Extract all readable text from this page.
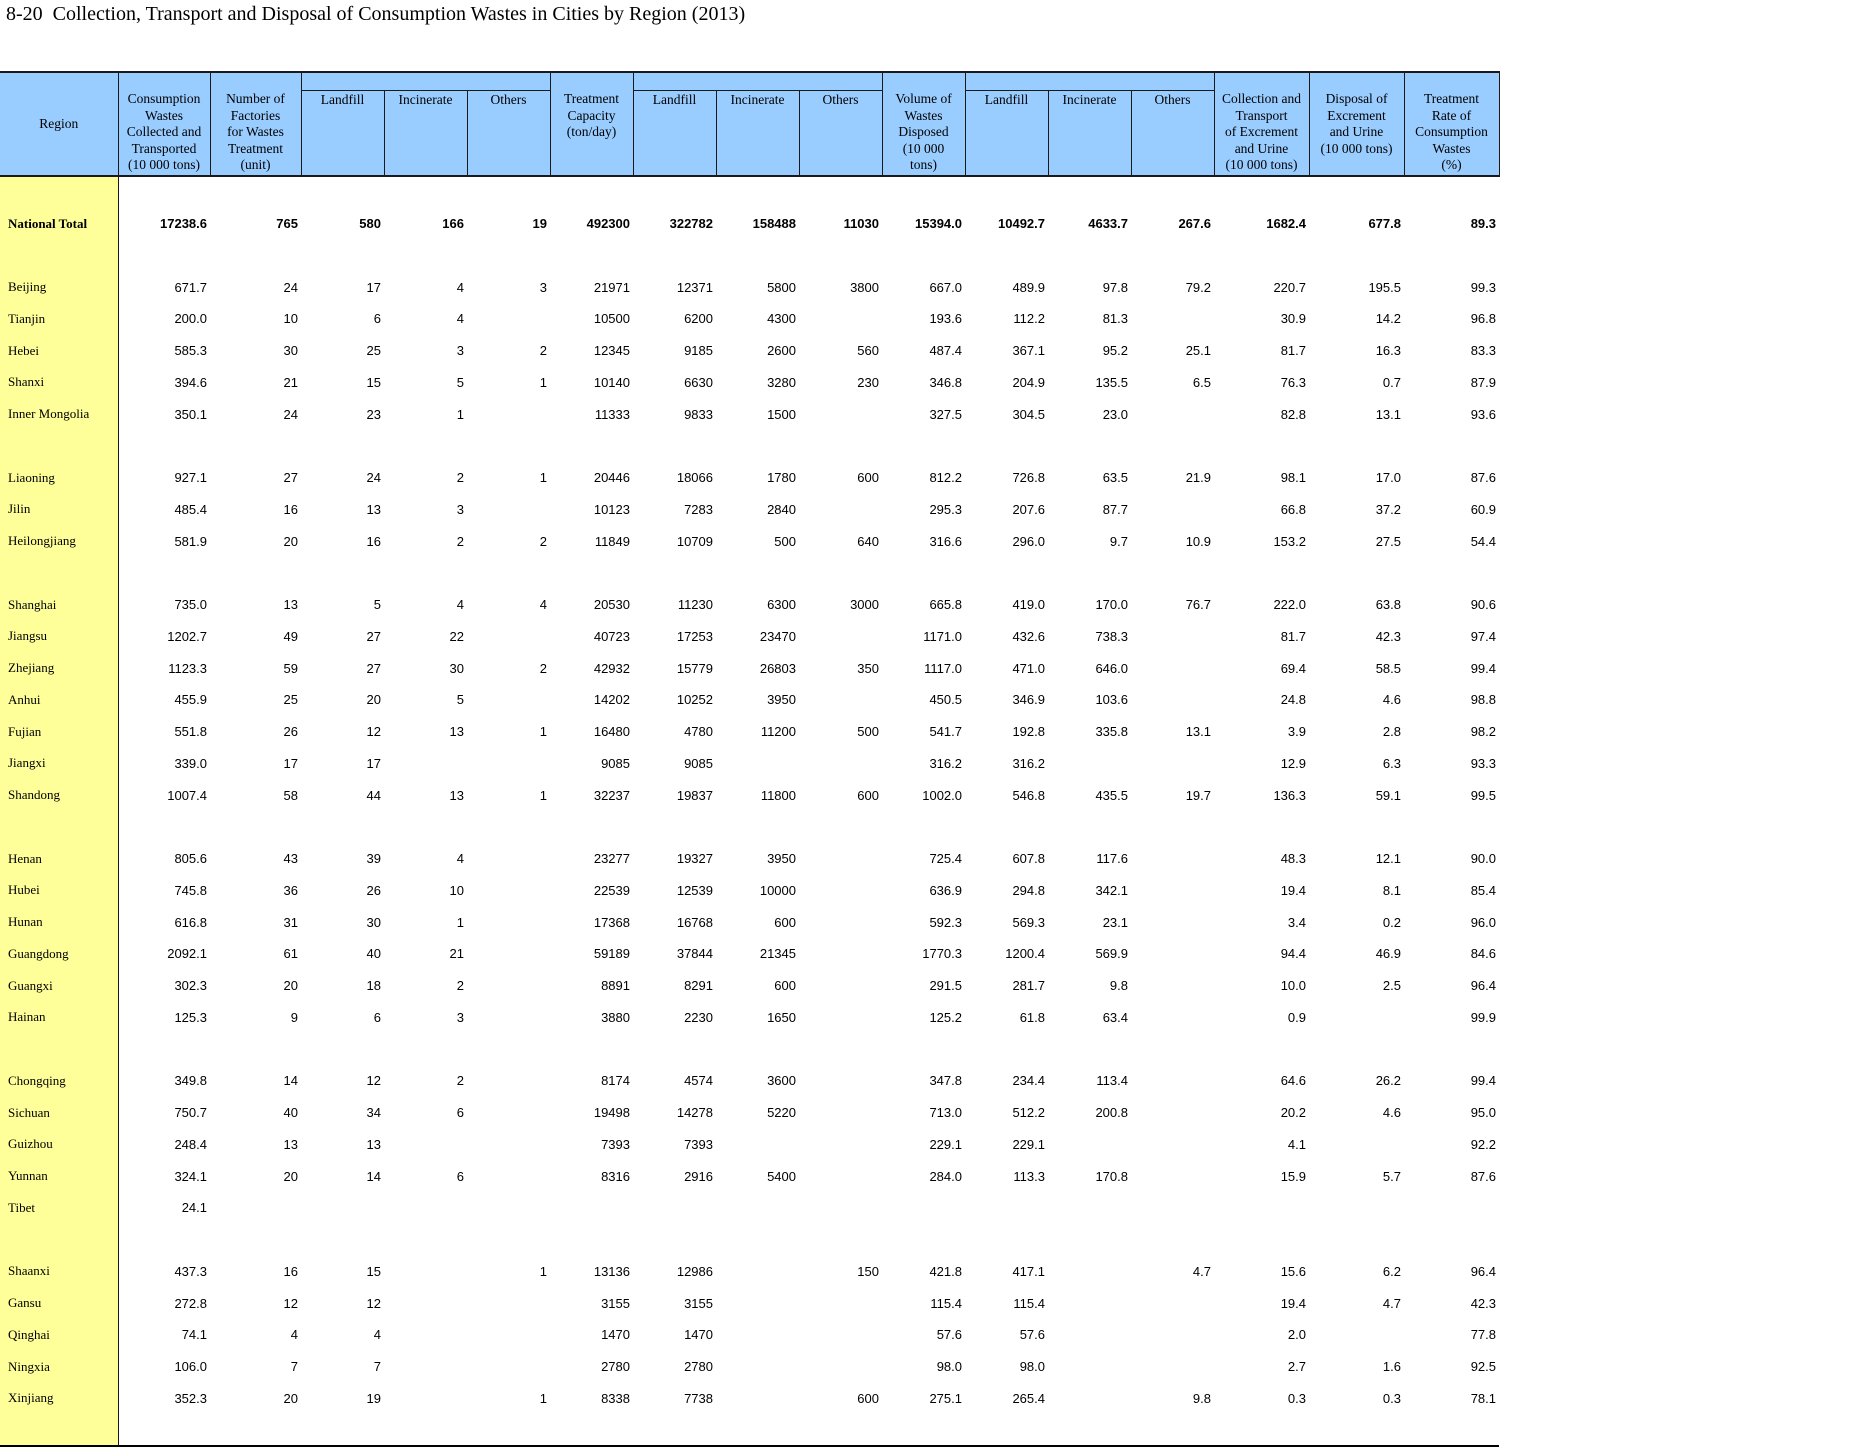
8-20  Collection, Transport and Disposal of Consumption Wastes in Cities by Region (2013)
Region	Consumption
Wastes
Collected and
Transported
(10 000 tons)	Number of
Factories
for Wastes
Treatment
(unit)				Treatment
Capacity
(ton/day)				Volume of
Wastes
Disposed
(10 000
tons)				Collection and
Transport
of Excrement
and Urine
(10 000 tons)	Disposal of
Excrement
and Urine
(10 000 tons)	Treatment
Rate of
Consumption
Wastes
(%)
			Landfill	Incinerate	Others		Landfill	Incinerate	Others		Landfill	Incinerate	Others			

National Total	17238.6	765	580	166	19	492300	322782	158488	11030	15394.0	10492.7	4633.7	267.6	1682.4	677.8	89.3

Beijing	671.7	24	17	4	3	21971	12371	5800	3800	667.0	489.9	97.8	79.2	220.7	195.5	99.3
Tianjin	200.0	10	6	4		10500	6200	4300		193.6	112.2	81.3		30.9	14.2	96.8
Hebei	585.3	30	25	3	2	12345	9185	2600	560	487.4	367.1	95.2	25.1	81.7	16.3	83.3
Shanxi	394.6	21	15	5	1	10140	6630	3280	230	346.8	204.9	135.5	6.5	76.3	0.7	87.9
Inner Mongolia	350.1	24	23	1		11333	9833	1500		327.5	304.5	23.0		82.8	13.1	93.6

Liaoning	927.1	27	24	2	1	20446	18066	1780	600	812.2	726.8	63.5	21.9	98.1	17.0	87.6
Jilin	485.4	16	13	3		10123	7283	2840		295.3	207.6	87.7		66.8	37.2	60.9
Heilongjiang	581.9	20	16	2	2	11849	10709	500	640	316.6	296.0	9.7	10.9	153.2	27.5	54.4

Shanghai	735.0	13	5	4	4	20530	11230	6300	3000	665.8	419.0	170.0	76.7	222.0	63.8	90.6
Jiangsu	1202.7	49	27	22		40723	17253	23470		1171.0	432.6	738.3		81.7	42.3	97.4
Zhejiang	1123.3	59	27	30	2	42932	15779	26803	350	1117.0	471.0	646.0		69.4	58.5	99.4
Anhui	455.9	25	20	5		14202	10252	3950		450.5	346.9	103.6		24.8	4.6	98.8
Fujian	551.8	26	12	13	1	16480	4780	11200	500	541.7	192.8	335.8	13.1	3.9	2.8	98.2
Jiangxi	339.0	17	17			9085	9085			316.2	316.2			12.9	6.3	93.3
Shandong	1007.4	58	44	13	1	32237	19837	11800	600	1002.0	546.8	435.5	19.7	136.3	59.1	99.5

Henan	805.6	43	39	4		23277	19327	3950		725.4	607.8	117.6		48.3	12.1	90.0
Hubei	745.8	36	26	10		22539	12539	10000		636.9	294.8	342.1		19.4	8.1	85.4
Hunan	616.8	31	30	1		17368	16768	600		592.3	569.3	23.1		3.4	0.2	96.0
Guangdong	2092.1	61	40	21		59189	37844	21345		1770.3	1200.4	569.9		94.4	46.9	84.6
Guangxi	302.3	20	18	2		8891	8291	600		291.5	281.7	9.8		10.0	2.5	96.4
Hainan	125.3	9	6	3		3880	2230	1650		125.2	61.8	63.4		0.9		99.9

Chongqing	349.8	14	12	2		8174	4574	3600		347.8	234.4	113.4		64.6	26.2	99.4
Sichuan	750.7	40	34	6		19498	14278	5220		713.0	512.2	200.8		20.2	4.6	95.0
Guizhou	248.4	13	13			7393	7393			229.1	229.1			4.1		92.2
Yunnan	324.1	20	14	6		8316	2916	5400		284.0	113.3	170.8		15.9	5.7	87.6
Tibet	24.1															

Shaanxi	437.3	16	15		1	13136	12986		150	421.8	417.1		4.7	15.6	6.2	96.4
Gansu	272.8	12	12			3155	3155			115.4	115.4			19.4	4.7	42.3
Qinghai	74.1	4	4			1470	1470			57.6	57.6			2.0		77.8
Ningxia	106.0	7	7			2780	2780			98.0	98.0			2.7	1.6	92.5
Xinjiang	352.3	20	19		1	8338	7738		600	275.1	265.4		9.8	0.3	0.3	78.1
